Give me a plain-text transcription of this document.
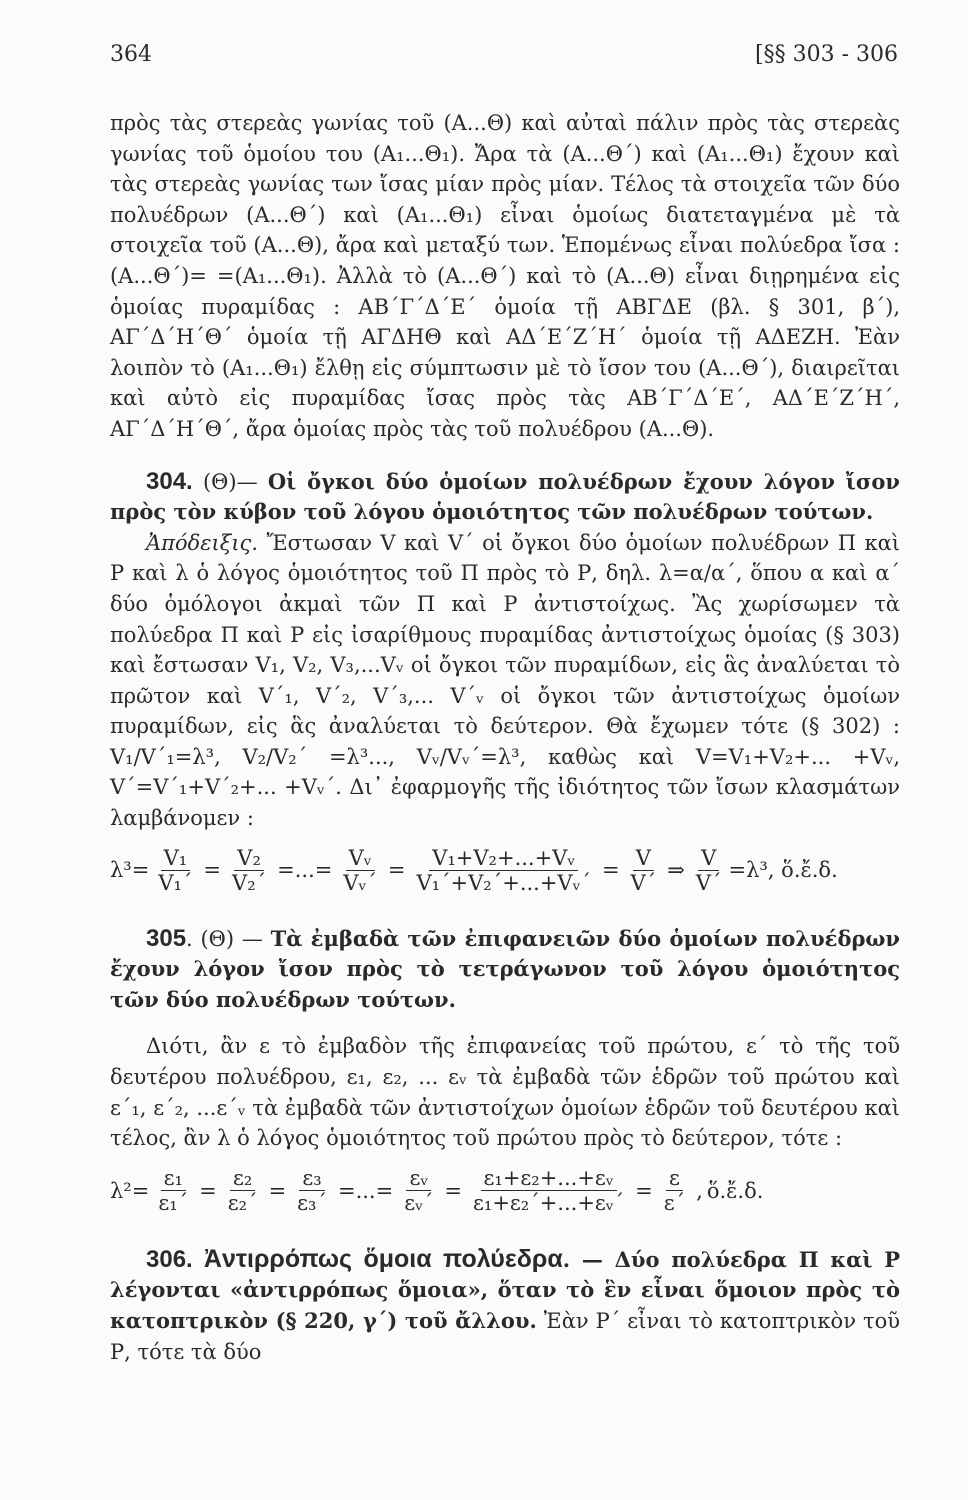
364	[§§ 303 - 306

πρὸς τὰς στερεὰς γωνίας τοῦ (Α...Θ) καὶ αὐταὶ πάλιν πρὸς τὰς στερεὰς γωνίας τοῦ ὁμοίου του (Α₁...Θ₁). Ἄρα τὰ (Α...Θ΄) καὶ (Α₁...Θ₁) ἔχουν καὶ τὰς στερεὰς γωνίας των ἴσας μίαν πρὸς μίαν. Τέλος τὰ στοιχεῖα τῶν δύο πολυέδρων (Α...Θ΄) καὶ (Α₁...Θ₁) εἶναι ὁμοίως διατεταγμένα μὲ τὰ στοιχεῖα τοῦ (Α...Θ), ἄρα καὶ μεταξύ των. Ἑπομένως εἶναι πολύεδρα ἴσα : (Α...Θ΄)= =(Α₁...Θ₁). Ἀλλὰ τὸ (Α...Θ΄) καὶ τὸ (Α...Θ) εἶναι διῃρημένα εἰς ὁμοίας πυραμίδας : ΑΒ΄Γ΄Δ΄Ε΄ ὁμοία τῇ ΑΒΓΔΕ (βλ. § 301, β΄), ΑΓ΄Δ΄Η΄Θ΄ ὁμοία τῇ ΑΓΔΗΘ καὶ ΑΔ΄Ε΄Ζ΄Η΄ ὁμοία τῇ ΑΔΕΖΗ. Ἐὰν λοιπὸν τὸ (Α₁...Θ₁) ἔλθῃ εἰς σύμπτωσιν μὲ τὸ ἴσον του (Α...Θ΄), διαιρεῖται καὶ αὐτὸ εἰς πυραμίδας ἴσας πρὸς τὰς ΑΒ΄Γ΄Δ΄Ε΄, ΑΔ΄Ε΄Ζ΄Η΄, ΑΓ΄Δ΄Η΄Θ΄, ἄρα ὁμοίας πρὸς τὰς τοῦ πολυέδρου (Α...Θ).

304. (Θ)— Οἱ ὄγκοι δύο ὁμοίων πολυέδρων ἔχουν λόγον ἴσον πρὸς τὸν κύβον τοῦ λόγου ὁμοιότητος τῶν πολυέδρων τούτων.

Ἀπόδειξις. Ἔστωσαν V καὶ V΄ οἱ ὄγκοι δύο ὁμοίων πολυέδρων Π καὶ Ρ καὶ λ ὁ λόγος ὁμοιότητος τοῦ Π πρὸς τὸ Ρ, δηλ. λ=α/α΄, ὅπου α καὶ α΄ δύο ὁμόλογοι ἀκμαὶ τῶν Π καὶ Ρ ἀντιστοίχως. Ἂς χωρίσωμεν τὰ πολύεδρα Π καὶ Ρ εἰς ἰσαρίθμους πυραμίδας ἀντιστοίχως ὁμοίας (§ 303) καὶ ἔστωσαν V₁, V₂, V₃,...Vᵥ οἱ ὄγκοι τῶν πυραμίδων, εἰς ἃς ἀναλύεται τὸ πρῶτον καὶ V΄₁, V΄₂, V΄₃,... V΄ᵥ οἱ ὄγκοι τῶν ἀντιστοίχως ὁμοίων πυραμίδων, εἰς ἃς ἀναλύεται τὸ δεύτερον. Θὰ ἔχωμεν τότε (§ 302) : V₁/V΄₁=λ³, V₂/V₂΄ =λ³..., Vᵥ/Vᵥ΄=λ³, καθὼς καὶ V=V₁+V₂+... +Vᵥ, V΄=V΄₁+V΄₂+... +Vᵥ΄. Δι᾽ ἐφαρμογῆς τῆς ἰδιότητος τῶν ἴσων κλασμάτων λαμβάνομεν :

$\lambda^3= \frac{\text{V₁}}{\text{V₁΄}} = \frac{\text{V₂}}{\text{V₂΄}}$ =...= $\frac{\text{Vᵥ}}{\text{Vᵥ΄}} = \frac{\text{V₁+V₂+...+Vᵥ}}{\text{V₁΄+V₂΄+...+Vᵥ΄}} = \frac{V}{V΄}$ ⇒ $\frac{V}{V΄} =\lambda^3$, ὅ.ἔ.δ.

305. (Θ) — Τὰ ἐμβαδὰ τῶν ἐπιφανειῶν δύο ὁμοίων πολυέδρων ἔχουν λόγον ἴσον πρὸς τὸ τετράγωνον τοῦ λόγου ὁμοιότητος τῶν δύο πολυέδρων τούτων.

Διότι, ἂν ε τὸ ἐμβαδὸν τῆς ἐπιφανείας τοῦ πρώτου, ε΄ τὸ τῆς τοῦ δευτέρου πολυέδρου, ε₁, ε₂, ... εᵥ τὰ ἐμβαδὰ τῶν ἑδρῶν τοῦ πρώτου καὶ ε΄₁, ε΄₂, ...ε΄ᵥ τὰ ἐμβαδὰ τῶν ἀντιστοίχων ὁμοίων ἑδρῶν τοῦ δευτέρου καὶ τέλος, ἂν λ ὁ λόγος ὁμοιότητος τοῦ πρώτου πρὸς τὸ δεύτερον, τότε :

$\lambda^2= \frac{\text{ε₁}}{\text{ε₁΄}} = \frac{\text{ε₂}}{\text{ε₂΄}} = \frac{\text{ε₃}}{\text{ε₃΄}}$ =...= $\frac{\text{εᵥ}}{\text{εᵥ΄}} = \frac{\text{ε₁+ε₂+...+εᵥ}}{\text{ε₁+ε₂΄+...+εᵥ΄}} = \frac{\varepsilon}{\varepsilon΄}$ , ὅ.ἔ.δ.

306. Ἀντιρρόπως ὅμοια πολύεδρα. — Δύο πολύεδρα Π καὶ Ρ λέγονται «ἀντιρρόπως ὅμοια», ὅταν τὸ ἓν εἶναι ὅμοιον πρὸς τὸ κατοπτρικὸν (§ 220, γ΄) τοῦ ἄλλου. Ἐὰν Ρ΄ εἶναι τὸ κατοπτρικὸν τοῦ Ρ, τότε τὰ δύο
